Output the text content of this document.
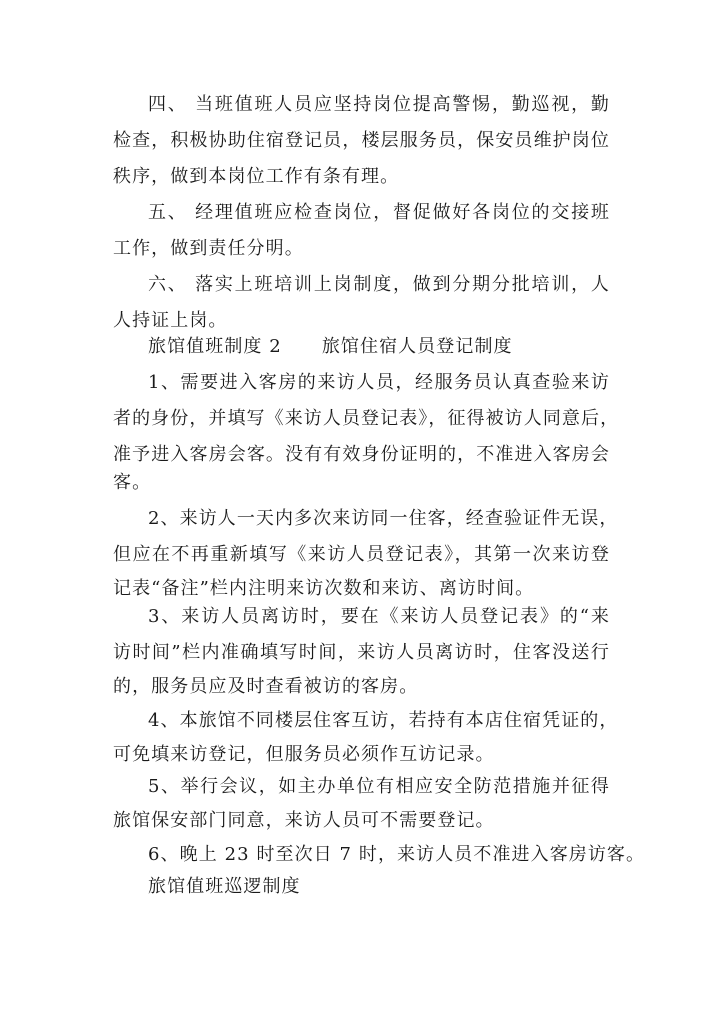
四、 当班值班人员应坚持岗位提高警惕，勤巡视，勤
检查，积极协助住宿登记员，楼层服务员，保安员维护岗位
秩序，做到本岗位工作有条有理。
五、 经理值班应检查岗位，督促做好各岗位的交接班
工作，做到责任分明。
六、 落实上班培训上岗制度，做到分期分批培训，人
人持证上岗。
旅馆值班制度 2 旅馆住宿人员登记制度
1、需要进入客房的来访人员，经服务员认真查验来访
者的身份，并填写《来访人员登记表》，征得被访人同意后，
准予进入客房会客。没有有效身份证明的，不准进入客房会
客。
2、来访人一天内多次来访同一住客，经查验证件无误，
但应在不再重新填写《来访人员登记表》，其第一次来访登
记表“备注”栏内注明来访次数和来访、离访时间。
3、来访人员离访时，要在《来访人员登记表》的“来
访时间”栏内准确填写时间，来访人员离访时，住客没送行
的，服务员应及时查看被访的客房。
4、本旅馆不同楼层住客互访，若持有本店住宿凭证的，
可免填来访登记，但服务员必须作互访记录。
5、举行会议，如主办单位有相应安全防范措施并征得
旅馆保安部门同意，来访人员可不需要登记。
6、晚上 23 时至次日 7 时，来访人员不准进入客房访客。
旅馆值班巡逻制度
